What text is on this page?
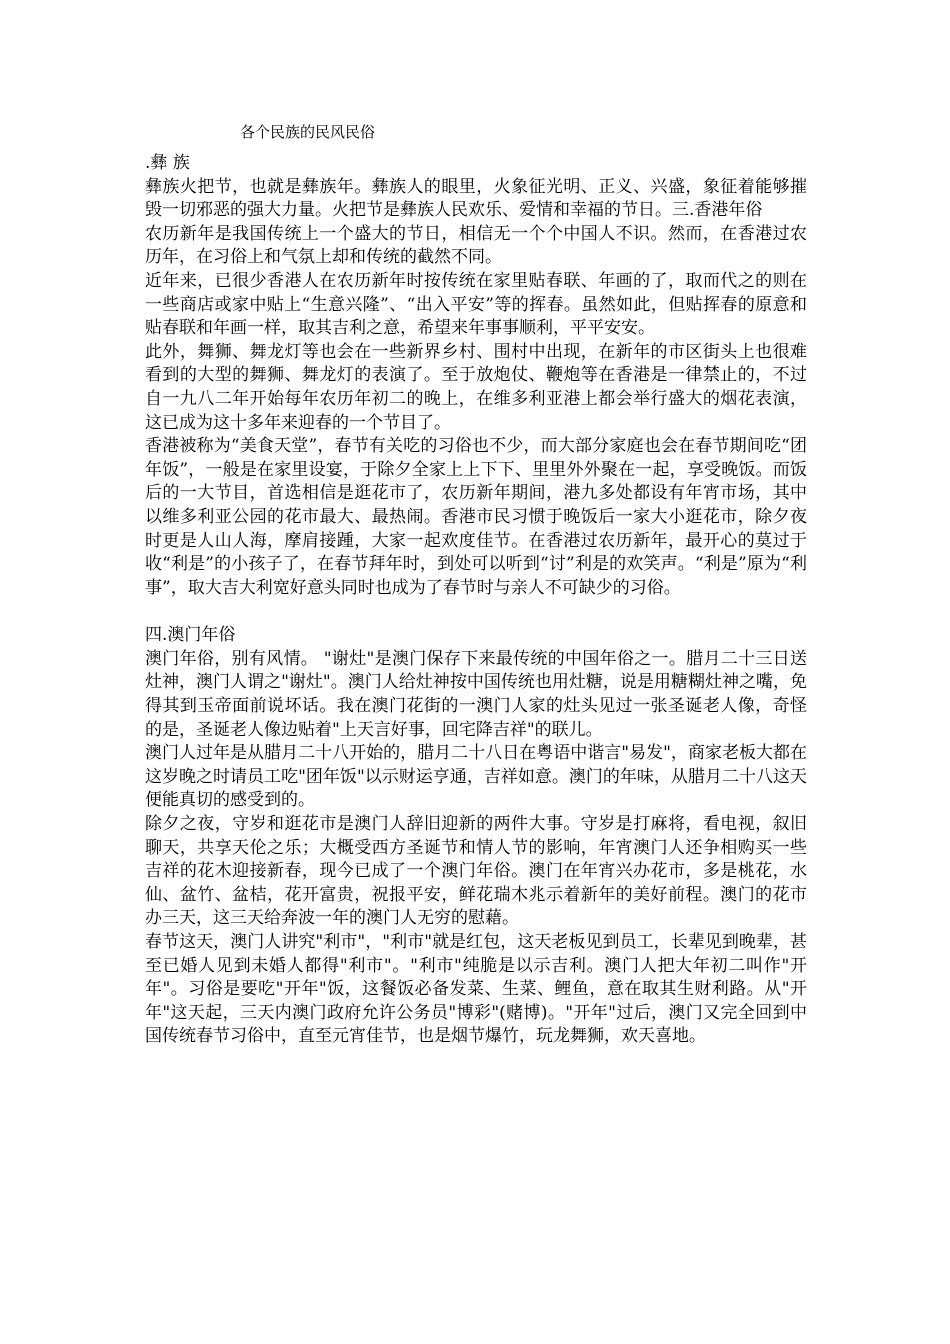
各个民族的民风民俗
.彝 族

彝族火把节，也就是彝族年。彝族人的眼里，火象征光明、正义、兴盛，象征着能够摧毁一切邪恶的强大力量。火把节是彝族人民欢乐、爱情和幸福的节日。三.香港年俗

农历新年是我国传统上一个盛大的节日，相信无一个个中国人不识。然而，在香港过农历年，在习俗上和气氛上却和传统的截然不同。

近年来，已很少香港人在农历新年时按传统在家里贴春联、年画的了，取而代之的则在一些商店或家中贴上“生意兴隆”、“出入平安”等的挥春。虽然如此，但贴挥春的原意和贴春联和年画一样，取其吉利之意，希望来年事事顺利，平平安安。

此外，舞狮、舞龙灯等也会在一些新界乡村、围村中出现，在新年的市区街头上也很难看到的大型的舞狮、舞龙灯的表演了。至于放炮仗、鞭炮等在香港是一律禁止的，不过自一九八二年开始每年农历年初二的晚上，在维多利亚港上都会举行盛大的烟花表演，这已成为这十多年来迎春的一个节目了。

香港被称为“美食天堂”，春节有关吃的习俗也不少，而大部分家庭也会在春节期间吃“团年饭”，一般是在家里设宴，于除夕全家上上下下、里里外外聚在一起，享受晚饭。而饭后的一大节目，首选相信是逛花市了，农历新年期间，港九多处都设有年宵市场，其中以维多利亚公园的花市最大、最热闹。香港市民习惯于晚饭后一家大小逛花市，除夕夜时更是人山人海，摩肩接踵，大家一起欢度佳节。在香港过农历新年，最开心的莫过于收“利是”的小孩子了，在春节拜年时，到处可以听到“讨”利是的欢笑声。“利是”原为“利事”，取大吉大利宽好意头同时也成为了春节时与亲人不可缺少的习俗。

四.澳门年俗

澳门年俗，别有风情。 "谢灶"是澳门保存下来最传统的中国年俗之一。腊月二十三日送灶神，澳门人谓之"谢灶"。澳门人给灶神按中国传统也用灶糖，说是用糖糊灶神之嘴，免得其到玉帝面前说坏话。我在澳门花街的一澳门人家的灶头见过一张圣诞老人像，奇怪的是，圣诞老人像边贴着"上天言好事，回宅降吉祥"的联儿。

澳门人过年是从腊月二十八开始的，腊月二十八日在粤语中谐言"易发"，商家老板大都在这岁晚之时请员工吃"团年饭"以示财运亨通，吉祥如意。澳门的年味，从腊月二十八这天便能真切的感受到的。

除夕之夜，守岁和逛花市是澳门人辞旧迎新的两件大事。守岁是打麻将，看电视，叙旧聊天，共享天伦之乐；大概受西方圣诞节和情人节的影响，年宵澳门人还争相购买一些吉祥的花木迎接新春，现今已成了一个澳门年俗。澳门在年宵兴办花市，多是桃花，水仙、盆竹、盆桔，花开富贵，祝报平安，鲜花瑞木兆示着新年的美好前程。澳门的花市办三天，这三天给奔波一年的澳门人无穷的慰藉。

春节这天，澳门人讲究"利市"，"利市"就是红包，这天老板见到员工，长辈见到晚辈，甚至已婚人见到未婚人都得"利市"。"利市"纯脆是以示吉利。澳门人把大年初二叫作"开年"。习俗是要吃"开年"饭，这餐饭必备发菜、生菜、鲤鱼，意在取其生财利路。从"开年"这天起，三天内澳门政府允许公务员"博彩"(赌博)。"开年"过后，澳门又完全回到中国传统春节习俗中，直至元宵佳节，也是烟节爆竹，玩龙舞狮，欢天喜地。
